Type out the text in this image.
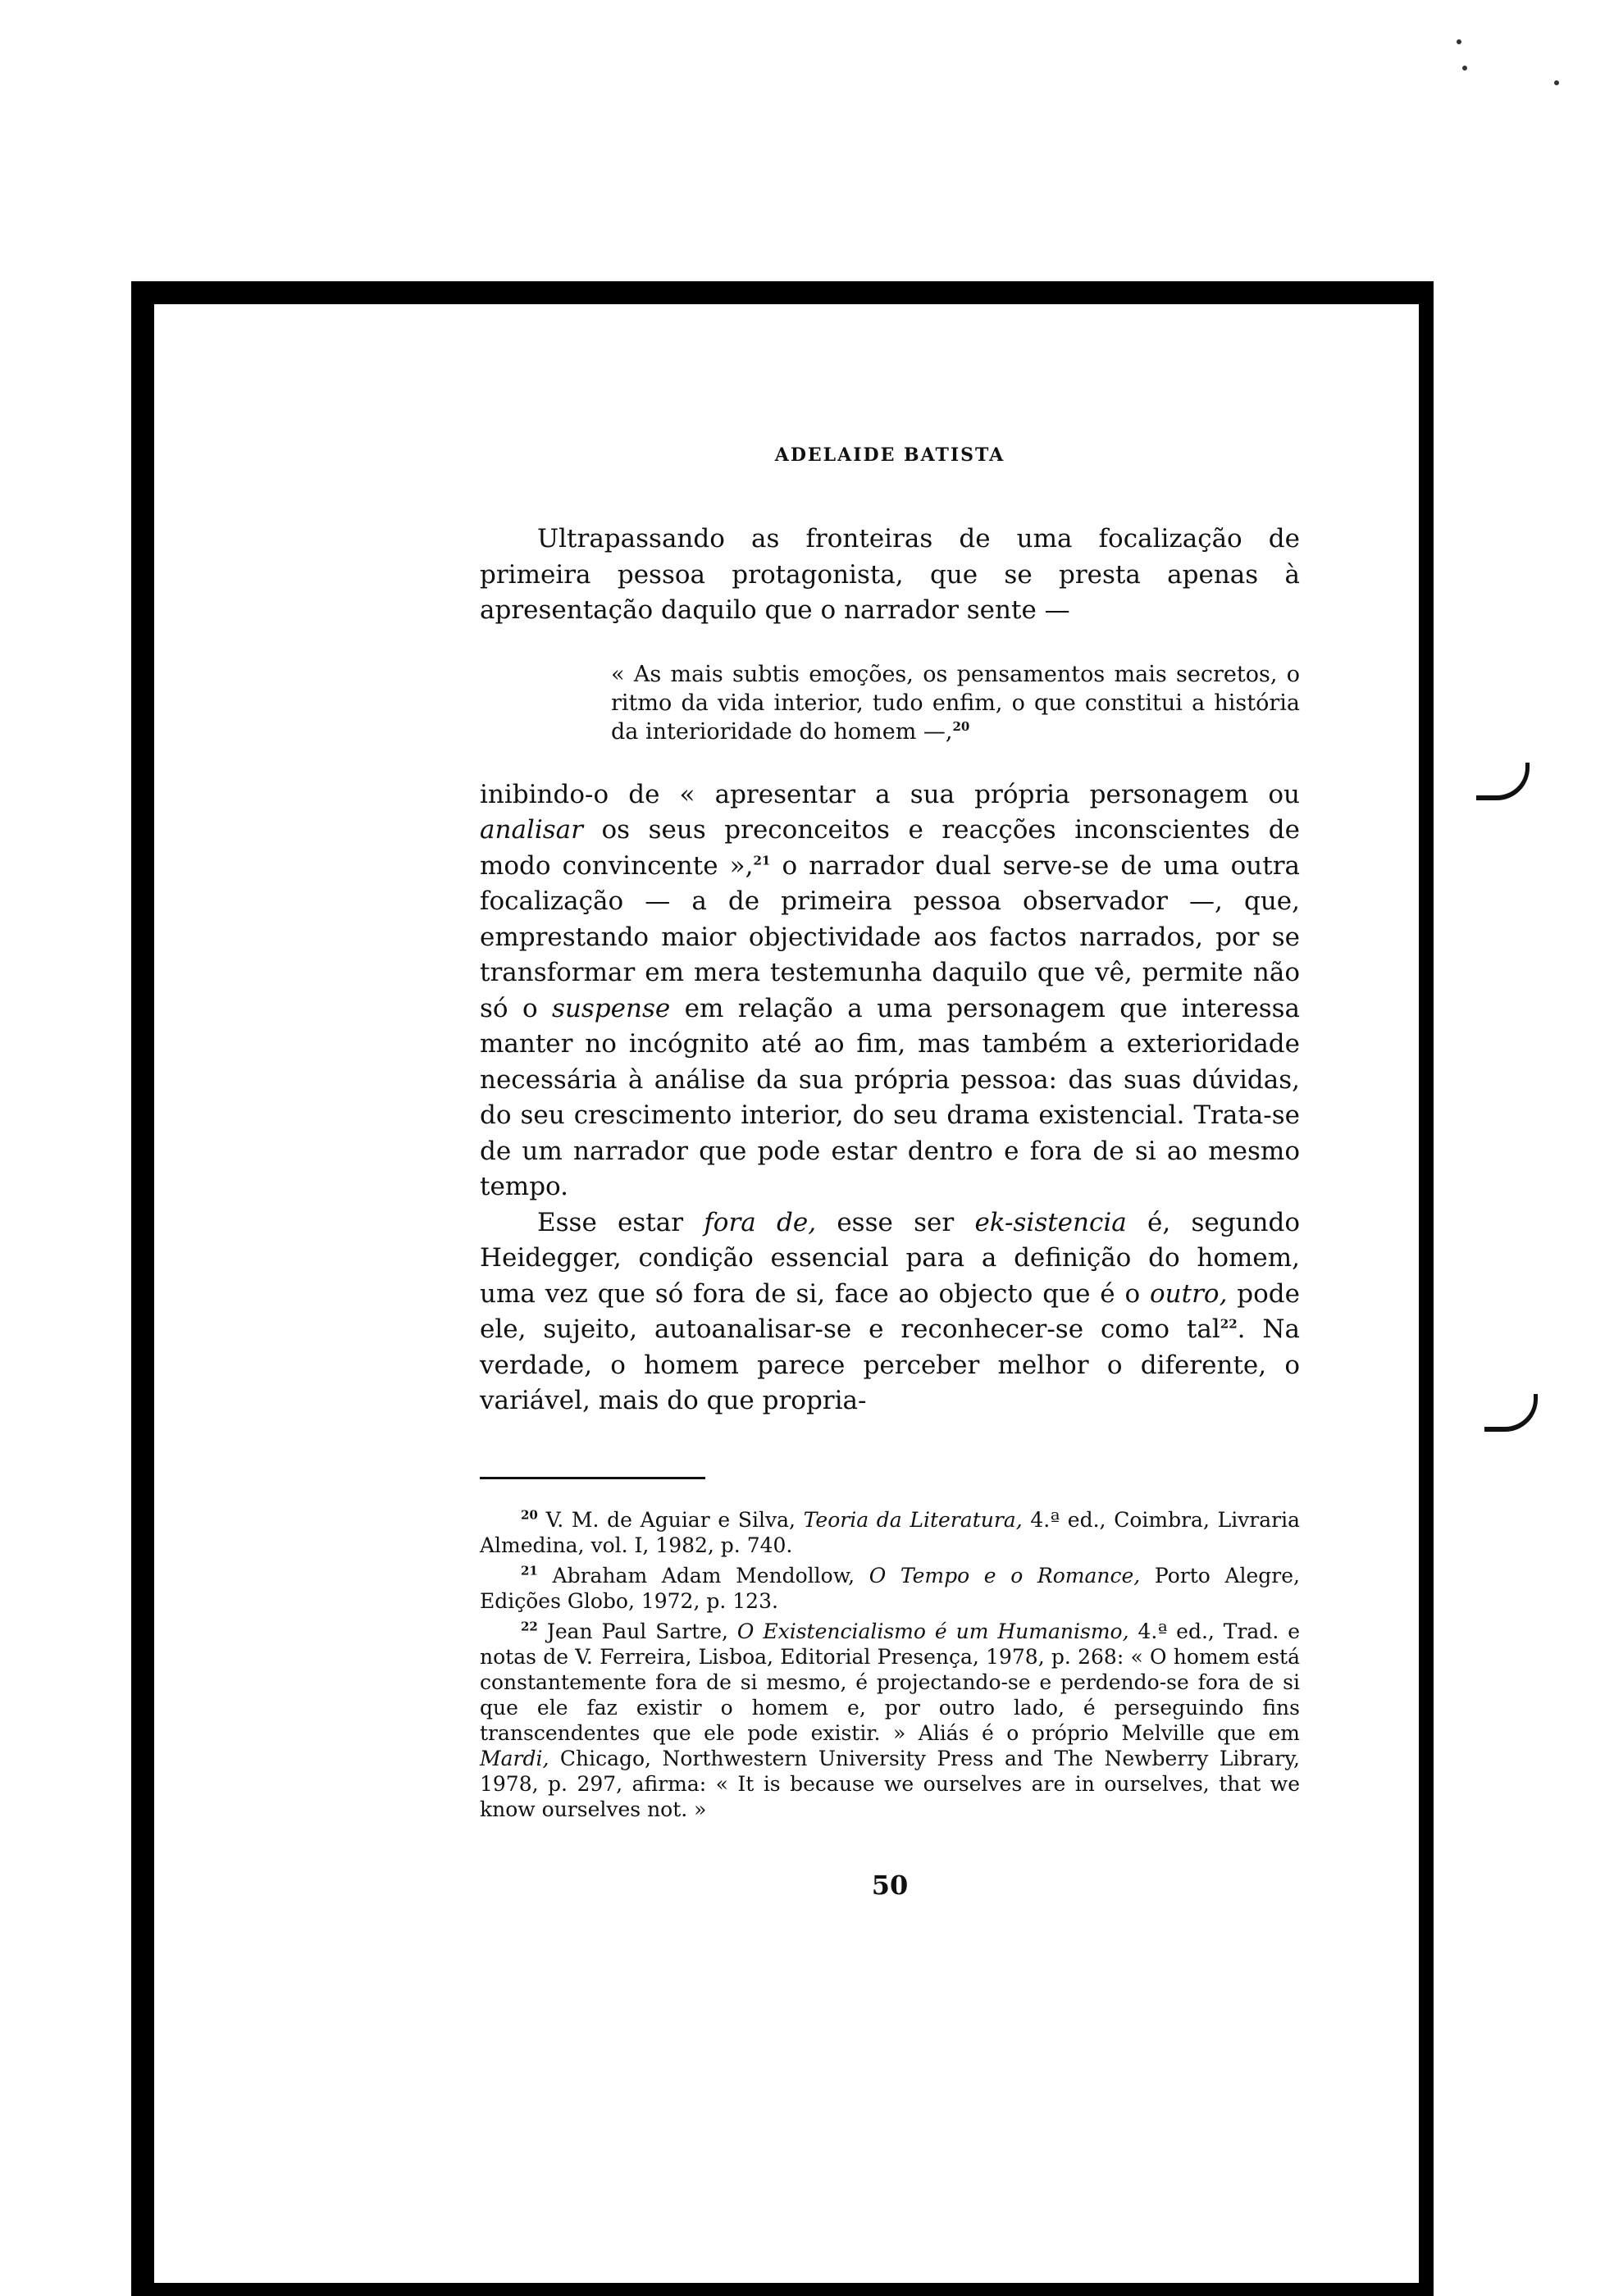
ADELAIDE BATISTA

Ultrapassando as fronteiras de uma focalização de primeira pessoa protagonista, que se presta apenas à apresentação daquilo que o narrador sente —

« As mais subtis emoções, os pensamentos mais secretos, o ritmo da vida interior, tudo enfim, o que constitui a história da interioridade do homem —,$^{20}$

inibindo-o de « apresentar a sua própria personagem ou analisar os seus preconceitos e reacções inconscientes de modo convincente »,$^{21}$ o narrador dual serve-se de uma outra focalização — a de primeira pessoa observador —, que, emprestando maior objectividade aos factos narrados, por se transformar em mera testemunha daquilo que vê, permite não só o suspense em relação a uma personagem que interessa manter no incógnito até ao fim, mas também a exterioridade necessária à análise da sua própria pessoa: das suas dúvidas, do seu crescimento interior, do seu drama existencial. Trata-se de um narrador que pode estar dentro e fora de si ao mesmo tempo.

Esse estar fora de, esse ser ek-sistencia é, segundo Heidegger, condição essencial para a definição do homem, uma vez que só fora de si, face ao objecto que é o outro, pode ele, sujeito, autoanalisar-se e reconhecer-se como tal$^{22}$. Na verdade, o homem parece perceber melhor o diferente, o variável, mais do que propria-

$^{20}$ V. M. de Aguiar e Silva, Teoria da Literatura, 4.ª ed., Coimbra, Livraria Almedina, vol. I, 1982, p. 740.

$^{21}$ Abraham Adam Mendollow, O Tempo e o Romance, Porto Alegre, Edições Globo, 1972, p. 123.

$^{22}$ Jean Paul Sartre, O Existencialismo é um Humanismo, 4.ª ed., Trad. e notas de V. Ferreira, Lisboa, Editorial Presença, 1978, p. 268: « O homem está constantemente fora de si mesmo, é projectando-se e perdendo-se fora de si que ele faz existir o homem e, por outro lado, é perseguindo fins transcendentes que ele pode existir. » Aliás é o próprio Melville que em Mardi, Chicago, Northwestern University Press and The Newberry Library, 1978, p. 297, afirma: « It is because we ourselves are in ourselves, that we know ourselves not. »

50
